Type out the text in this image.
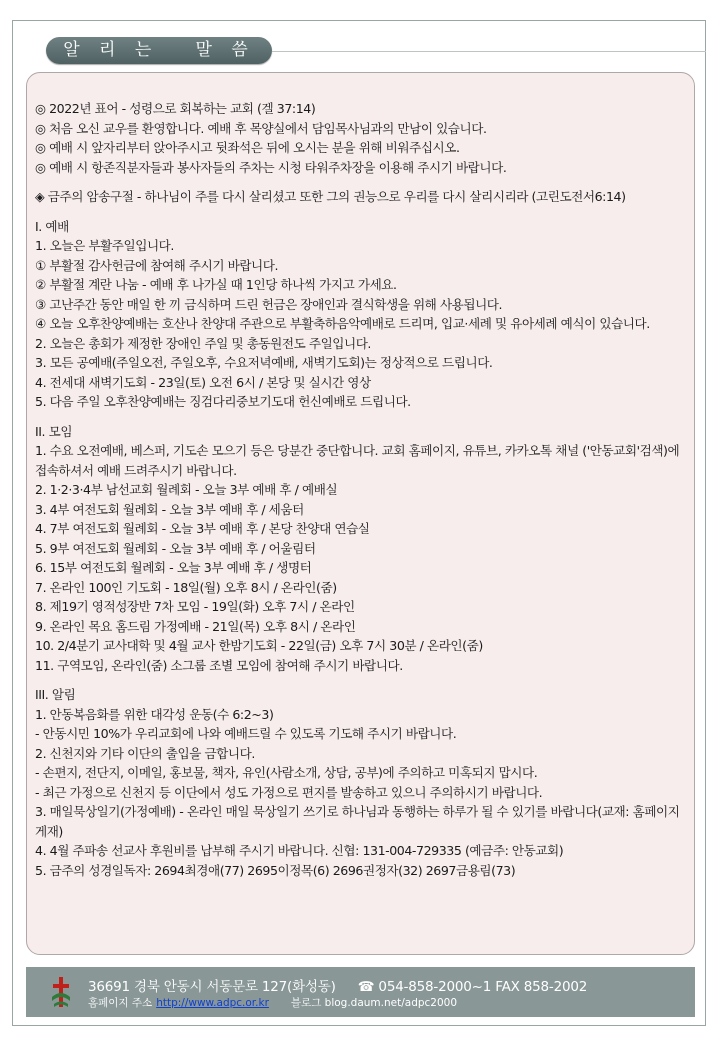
알 리 는   말 씀
◎ 2022년 표어 - 성령으로 회복하는 교회 (겔 37:14)
◎ 처음 오신 교우를 환영합니다. 예배 후 목양실에서 담임목사님과의 만남이 있습니다.
◎ 예배 시 앞자리부터 앉아주시고 뒷좌석은 뒤에 오시는 분을 위해 비워주십시오.
◎ 예배 시 항존직분자들과 봉사자들의 주차는 시청 타워주차장을 이용해 주시기 바랍니다.
◈ 금주의 암송구절 - 하나님이 주를 다시 살리셨고 또한 그의 권능으로 우리를 다시 살리시리라 (고린도전서6:14)
I. 예배
1. 오늘은 부활주일입니다.
① 부활절 감사헌금에 참여해 주시기 바랍니다.
② 부활절 계란 나눔 - 예배 후 나가실 때 1인당 하나씩 가지고 가세요.
③ 고난주간 동안 매일 한 끼 금식하며 드린 헌금은 장애인과 결식학생을 위해 사용됩니다.
④ 오늘 오후찬양예배는 호산나 찬양대 주관으로 부활축하음악예배로 드리며, 입교·세례 및 유아세례 예식이 있습니다.
2. 오늘은 총회가 제정한 장애인 주일 및 총동원전도 주일입니다.
3. 모든 공예배(주일오전, 주일오후, 수요저녁예배, 새벽기도회)는 정상적으로 드립니다.
4. 전세대 새벽기도회 - 23일(토) 오전 6시 / 본당 및 실시간 영상
5. 다음 주일 오후찬양예배는 징검다리중보기도대 헌신예배로 드립니다.
II. 모임
1. 수요 오전예배, 베스퍼, 기도손 모으기 등은 당분간 중단합니다. 교회 홈페이지, 유튜브, 카카오톡 채널 ('안동교회'검색)에 접속하셔서 예배 드려주시기 바랍니다.
2. 1·2·3·4부 남선교회 월례회 - 오늘 3부 예배 후 / 예배실
3. 4부 여전도회 월례회 - 오늘 3부 예배 후 / 세움터
4. 7부 여전도회 월례회 - 오늘 3부 예배 후 / 본당 찬양대 연습실
5. 9부 여전도회 월례회 - 오늘 3부 예배 후 / 어울림터
6. 15부 여전도회 월례회 - 오늘 3부 예배 후 / 생명터
7. 온라인 100인 기도회 - 18일(월) 오후 8시 / 온라인(줌)
8. 제19기 영적성장반 7차 모임 - 19일(화) 오후 7시 / 온라인
9. 온라인 목요 홈드림 가정예배 - 21일(목) 오후 8시 / 온라인
10. 2/4분기 교사대학 및 4월 교사 한밤기도회 - 22일(금) 오후 7시 30분 / 온라인(줌)
11. 구역모임, 온라인(줌) 소그룹 조별 모임에 참여해 주시기 바랍니다.
III. 알림
1. 안동복음화를 위한 대각성 운동(수 6:2~3)
- 안동시민 10%가 우리교회에 나와 예배드릴 수 있도록 기도해 주시기 바랍니다.
2. 신천지와 기타 이단의 출입을 금합니다.
- 손편지, 전단지, 이메일, 홍보물, 책자, 유인(사람소개, 상담, 공부)에 주의하고 미혹되지 맙시다.
- 최근 가정으로 신천지 등 이단에서 성도 가정으로 편지를 발송하고 있으니 주의하시기 바랍니다.
3. 매일묵상일기(가정예배) - 온라인 매일 묵상일기 쓰기로 하나님과 동행하는 하루가 될 수 있기를 바랍니다(교재: 홈페이지 게재)
4. 4월 주파송 선교사 후원비를 납부해 주시기 바랍니다. 신협: 131-004-729335 (예금주: 안동교회)
5. 금주의 성경일독자: 2694최경애(77) 2695이정목(6) 2696권정자(32) 2697금용림(73)
36691 경북 안동시 서동문로 127(화성동) ☎ 054-858-2000~1 FAX 858-2002
홈페이지 주소 http://www.adpc.or.kr 블로그 blog.daum.net/adpc2000
